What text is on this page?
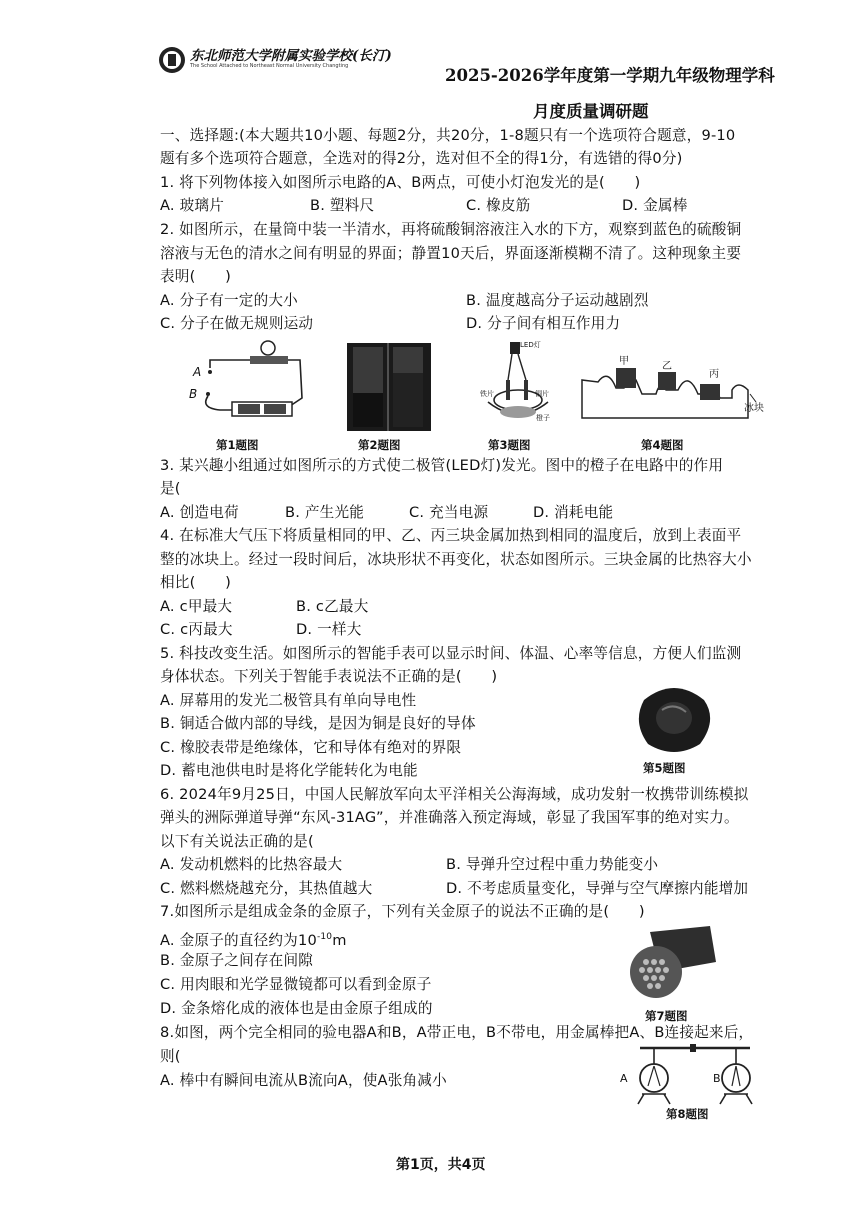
东北师范大学附属实验学校(长汀)
The School Attached to Northeast Normal University Changting	2025-2026学年度第一学期九年级物理学科
月度质量调研题
一、选择题:(本大题共10小题、每题2分，共20分，1-8题只有一个选项符合题意，9-10
题有多个选项符合题意，全选对的得2分，选对但不全的得1分，有选错的得0分)
1. 将下列物体接入如图所示电路的A、B两点，可使小灯泡发光的是(　　)
A. 玻璃片	B. 塑料尺	C. 橡皮筋	D. 金属棒
2. 如图所示，在量筒中装一半清水，再将硫酸铜溶液注入水的下方，观察到蓝色的硫酸铜
溶液与无色的清水之间有明显的界面；静置10天后，界面逐渐模糊不清了。这种现象主要
表明(　　)
A. 分子有一定的大小	B. 温度越高分子运动越剧烈
C. 分子在做无规则运动	D. 分子间有相互作用力
A
B
第1题图	第2题图
LED灯
铁片	铜片
橙子
第3题图
甲	乙
丙
冰块
第4题图
3. 某兴趣小组通过如图所示的方式使二极管(LED灯)发光。图中的橙子在电路中的作用
是(
A. 创造电荷	B. 产生光能	C. 充当电源	D. 消耗电能
4. 在标准大气压下将质量相同的甲、乙、丙三块金属加热到相同的温度后，放到上表面平
整的冰块上。经过一段时间后，冰块形状不再变化，状态如图所示。三块金属的比热容大小
相比(　　)
A. c甲最大	B. c乙最大
C. c丙最大	D. 一样大
5. 科技改变生活。如图所示的智能手表可以显示时间、体温、心率等信息，方便人们监测
身体状态。下列关于智能手表说法不正确的是(　　)
A. 屏幕用的发光二极管具有单向导电性
B. 铜适合做内部的导线，是因为铜是良好的导体
C. 橡胶表带是绝缘体，它和导体有绝对的界限
D. 蓄电池供电时是将化学能转化为电能	第5题图
6. 2024年9月25日，中国人民解放军向太平洋相关公海海域，成功发射一枚携带训练模拟
弹头的洲际弹道导弹“东风-31AG”，并准确落入预定海域，彰显了我国军事的绝对实力。
以下有关说法正确的是(
A. 发动机燃料的比热容最大	B. 导弹升空过程中重力势能变小
C. 燃料燃烧越充分，其热值越大	D. 不考虑质量变化，导弹与空气摩擦内能增加
7.如图所示是组成金条的金原子，下列有关金原子的说法不正确的是(　　)
A. 金原子的直径约为$10^{-10}m$
B. 金原子之间存在间隙
C. 用肉眼和光学显微镜都可以看到金原子
D. 金条熔化成的液体也是由金原子组成的	第7题图
8.如图，两个完全相同的验电器A和B，A带正电，B不带电，用金属棒把A、B连接起来后，
则(
A. 棒中有瞬间电流从B流向A，使A张角减小	A	B
第8题图
第1页，共4页
